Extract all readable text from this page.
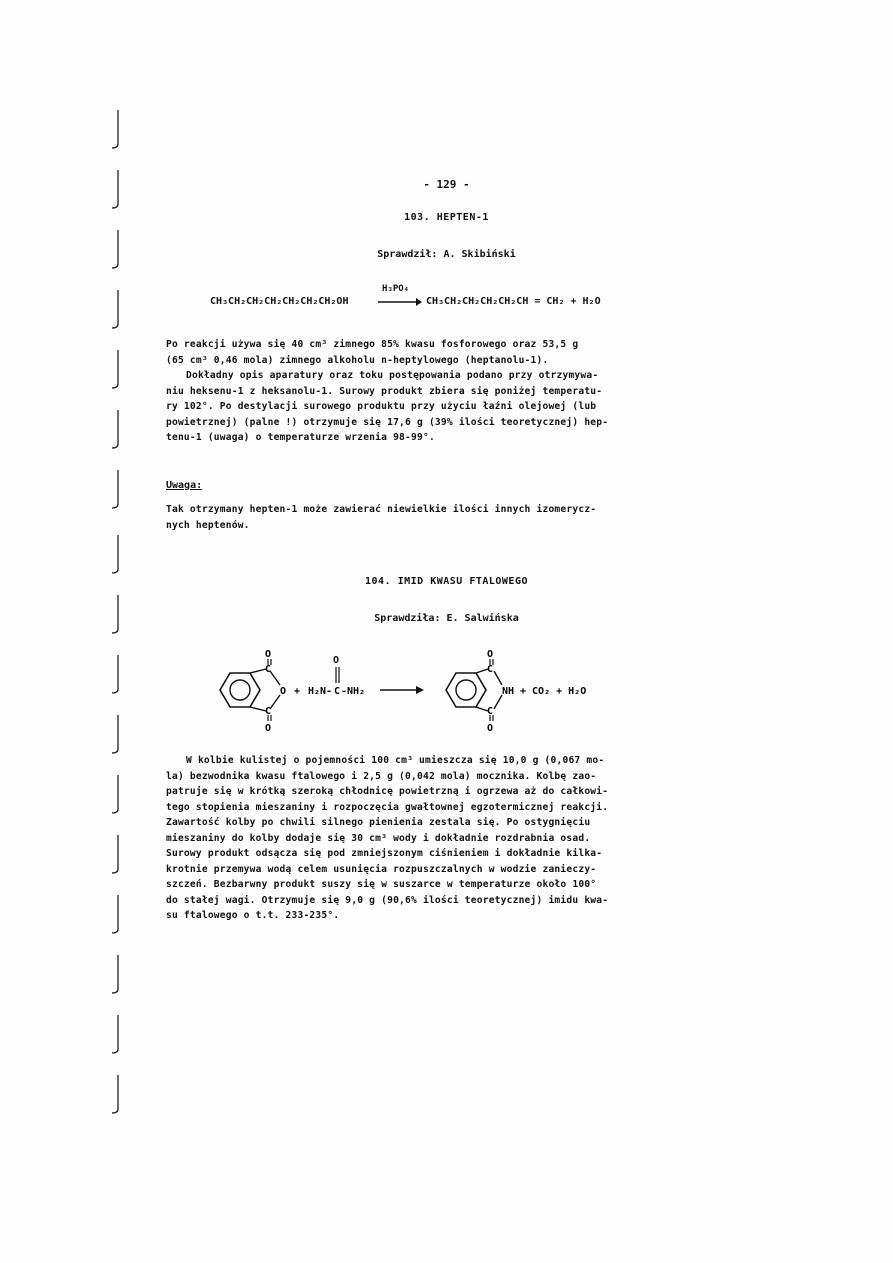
- 129 -
103. HEPTEN-1
Sprawdził: A. Skibiński
CH₃CH₂CH₂CH₂CH₂CH₂CH₂OH
H₃PO₄
→ CH₃CH₂CH₂CH₂CH₂CH = CH₂ + H₂O
Po reakcji używa się 40 cm³ zimnego 85% kwasu fosforowego oraz 53,5 g
(65 cm³ 0,46 mola) zimnego alkoholu n-heptylowego (heptanolu-1).
Dokładny opis aparatury oraz toku postępowania podano przy otrzymywa-
niu heksenu-1 z heksanolu-1. Surowy produkt zbiera się poniżej temperatu-
ry 102°. Po destylacji surowego produktu przy użyciu łaźni olejowej (lub
powietrznej) (palne !) otrzymuje się 17,6 g (39% ilości teoretycznej) hep-
tenu-1 (uwaga) o temperaturze wrzenia 98-99°.
Uwaga:
Tak otrzymany hepten-1 może zawierać niewielkie ilości innych izomerycz-
nych heptenów.
104. IMID KWASU FTALOWEGO
Sprawdziła: E. Salwińska
C
C
O
O
O + H₂N- C -NH₂
O
C
C
O
O
NH + CO₂ + H₂O
W kolbie kulistej o pojemności 100 cm³ umieszcza się 10,0 g (0,067 mo-
la) bezwodnika kwasu ftalowego i 2,5 g (0,042 mola) mocznika. Kolbę zao-
patruje się w krótką szeroką chłodnicę powietrzną i ogrzewa aż do całkowi-
tego stopienia mieszaniny i rozpoczęcia gwałtownej egzotermicznej reakcji.
Zawartość kolby po chwili silnego pienienia zestala się. Po ostygnięciu
mieszaniny do kolby dodaje się 30 cm³ wody i dokładnie rozdrabnia osad.
Surowy produkt odsącza się pod zmniejszonym ciśnieniem i dokładnie kilka-
krotnie przemywa wodą celem usunięcia rozpuszczalnych w wodzie zanieczy-
szczeń. Bezbarwny produkt suszy się w suszarce w temperaturze około 100°
do stałej wagi. Otrzymuje się 9,0 g (90,6% ilości teoretycznej) imidu kwa-
su ftalowego o t.t. 233-235°.
